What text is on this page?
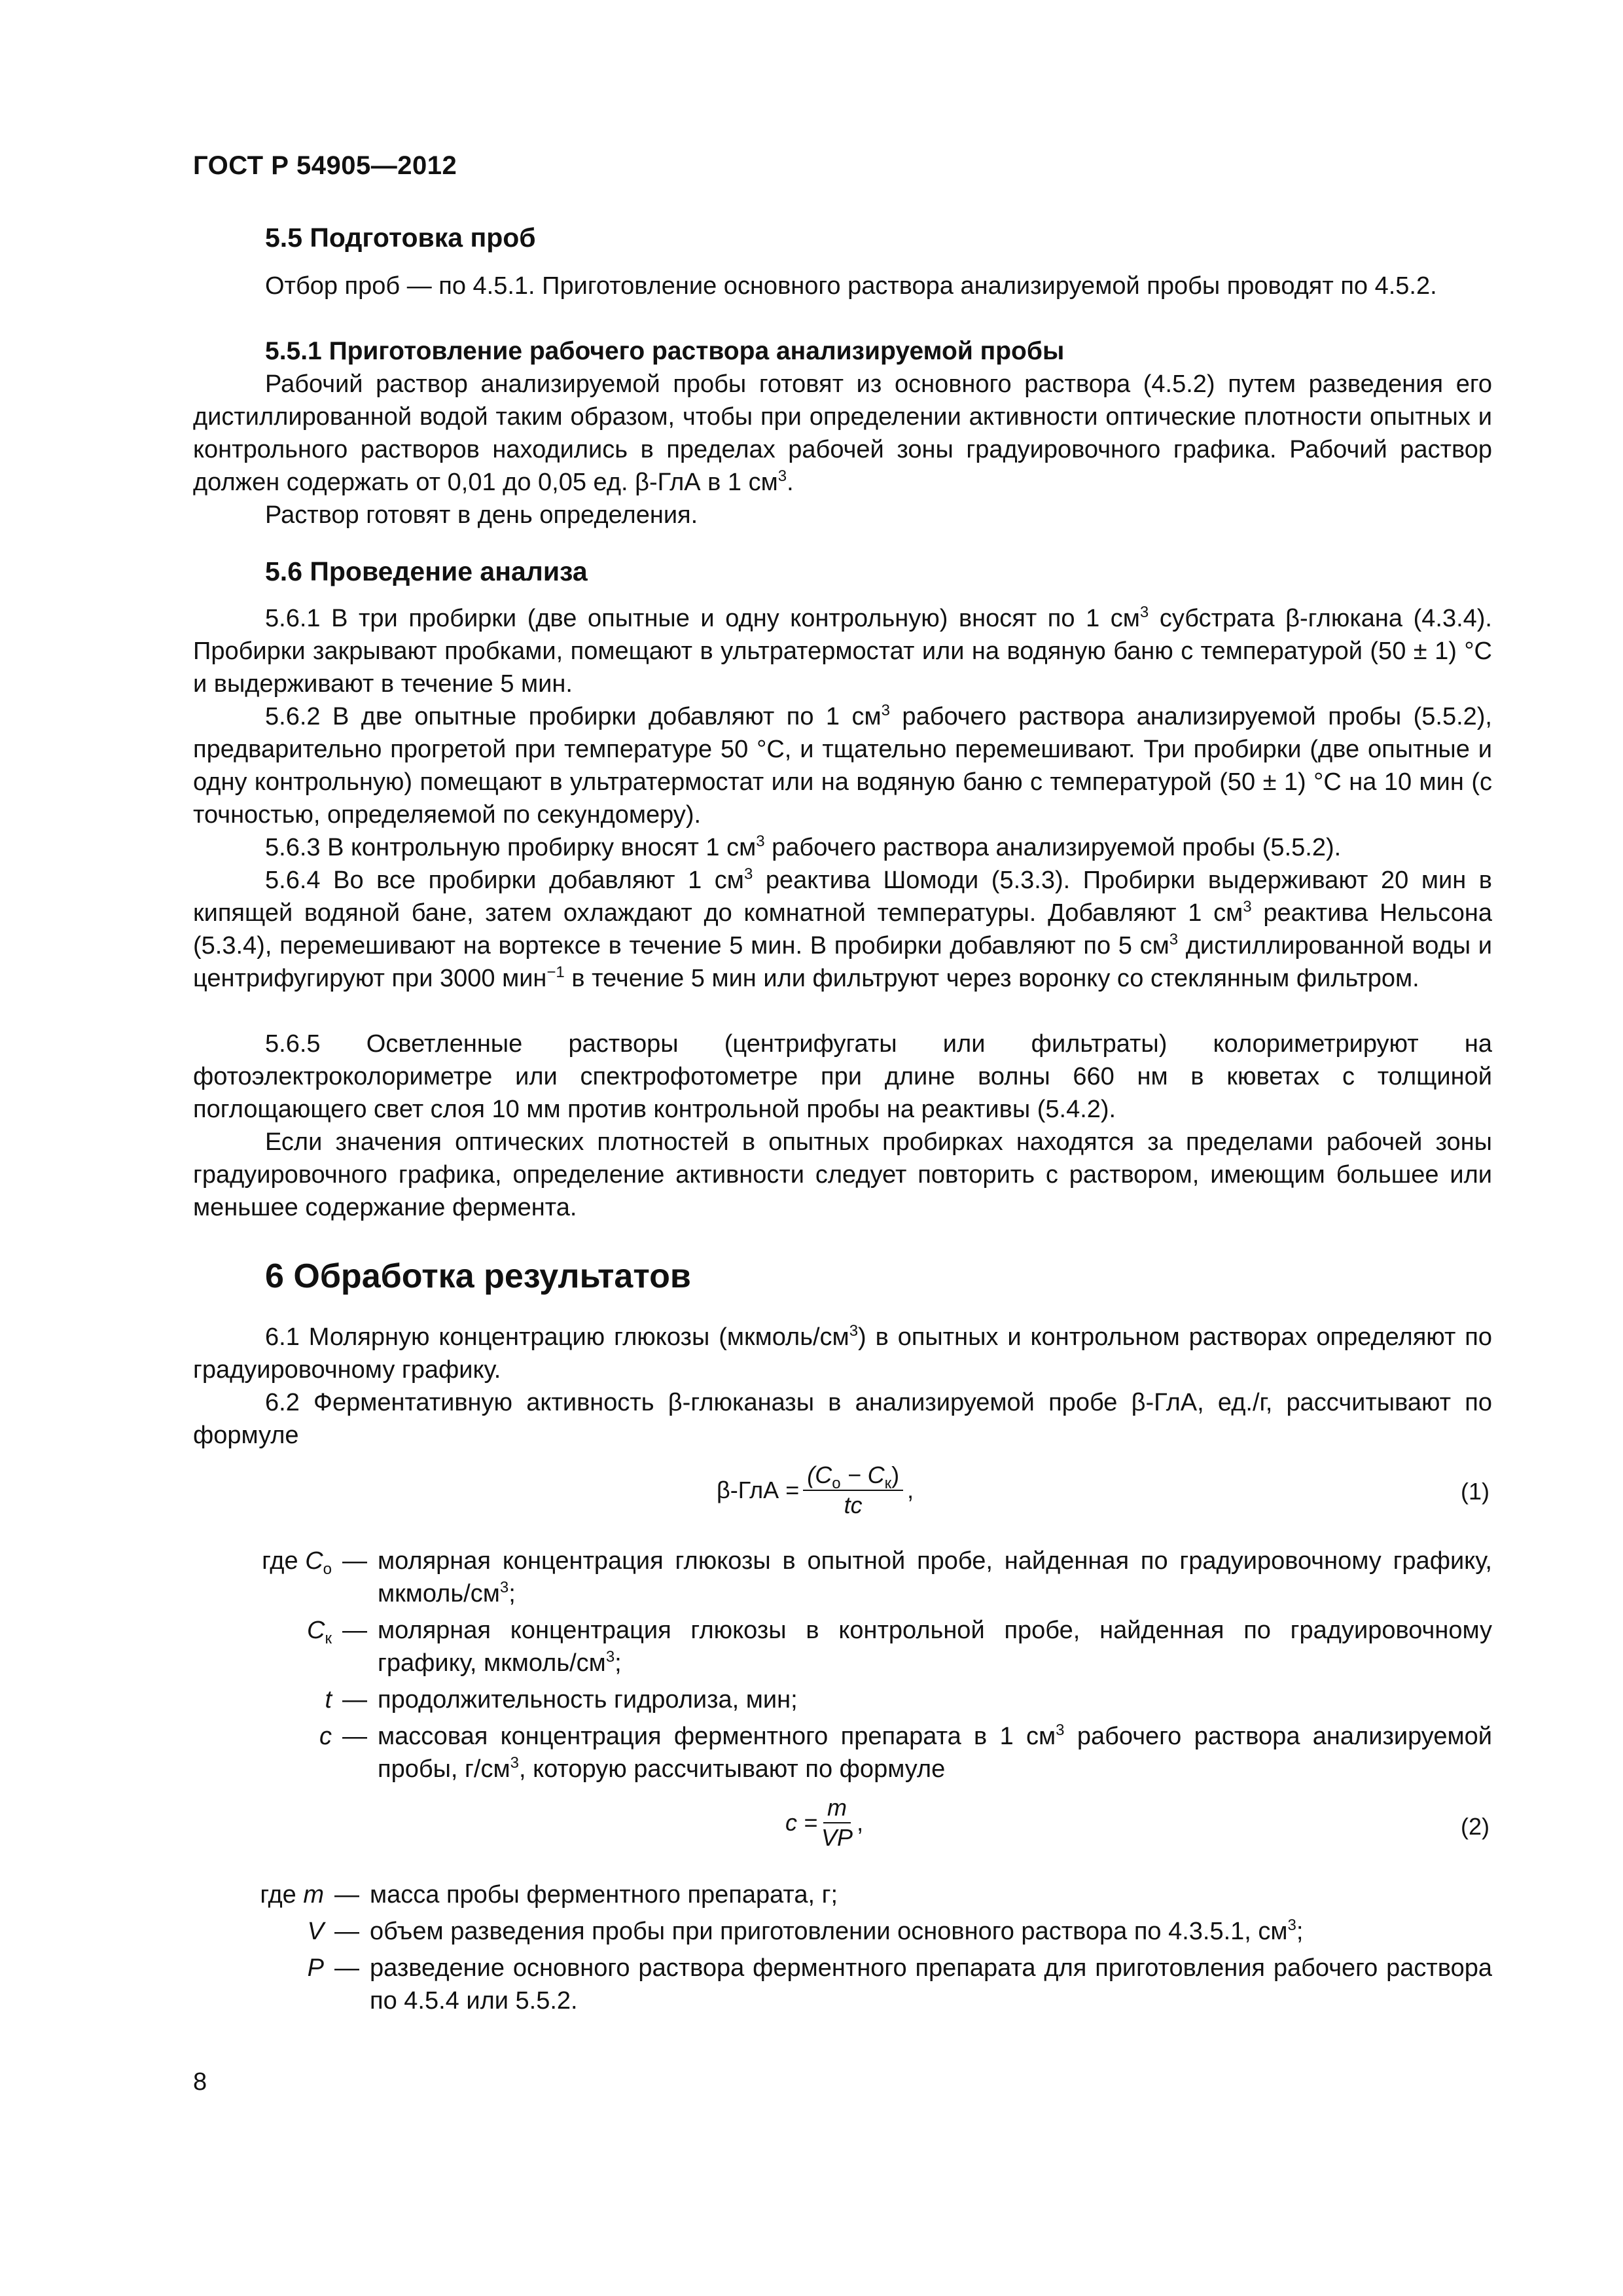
ГОСТ Р 54905—2012
5.5 Подготовка проб
Отбор проб — по 4.5.1. Приготовление основного раствора анализируемой пробы проводят по 4.5.2.
5.5.1 Приготовление рабочего раствора анализируемой пробы
Рабочий раствор анализируемой пробы готовят из основного раствора (4.5.2) путем разведения его дистиллированной водой таким образом, чтобы при определении активности оптические плотности опытных и контрольного растворов находились в пределах рабочей зоны градуировочного графика. Рабочий раствор должен содержать от 0,01 до 0,05 ед. β-ГлА в 1 $см^3$.
Раствор готовят в день определения.
5.6 Проведение анализа
5.6.1 В три пробирки (две опытные и одну контрольную) вносят по 1 $см^3$ субстрата β-глюкана (4.3.4). Пробирки закрывают пробками, помещают в ультратермостат или на водяную баню с температурой (50 ± 1) °С и выдерживают в течение 5 мин.
5.6.2 В две опытные пробирки добавляют по 1 $см^3$ рабочего раствора анализируемой пробы (5.5.2), предварительно прогретой при температуре 50 °С, и тщательно перемешивают. Три пробирки (две опытные и одну контрольную) помещают в ультратермостат или на водяную баню с температурой (50 ± 1) °С на 10 мин (с точностью, определяемой по секундомеру).
5.6.3 В контрольную пробирку вносят 1 $см^3$ рабочего раствора анализируемой пробы (5.5.2).
5.6.4 Во все пробирки добавляют 1 $см^3$ реактива Шомоди (5.3.3). Пробирки выдерживают 20 мин в кипящей водяной бане, затем охлаждают до комнатной температуры. Добавляют 1 $см^3$ реактива Нельсона (5.3.4), перемешивают на вортексе в течение 5 мин. В пробирки добавляют по 5 $см^3$ дистиллированной воды и центрифугируют при 3000 мин$^{-1}$ в течение 5 мин или фильтруют через воронку со стеклянным фильтром.
5.6.5 Осветленные растворы (центрифугаты или фильтраты) колориметрируют на фотоэлектроколориметре или спектрофотометре при длине волны 660 нм в кюветах с толщиной поглощающего свет слоя 10 мм против контрольной пробы на реактивы (5.4.2).
Если значения оптических плотностей в опытных пробирках находятся за пределами рабочей зоны градуировочного графика, определение активности следует повторить с раствором, имеющим большее или меньшее содержание фермента.
6 Обработка результатов
6.1 Молярную концентрацию глюкозы $(мкмоль/см^3)$ в опытных и контрольном растворах определяют по градуировочному графику.
6.2 Ферментативную активность β-глюканазы в анализируемой пробе β-ГлА, ед./г, рассчитывают по формуле
$\beta-ГлА = \frac{(C_о - C_к)}{tc}$ ,	(1)
где $C_о$ — молярная концентрация глюкозы в опытной пробе, найденная по градуировочному графику, мкмоль/$см^3$;
$C_к$ — молярная концентрация глюкозы в контрольной пробе, найденная по градуировочному графику, мкмоль/$см^3$;
t — продолжительность гидролиза, мин;
c — массовая концентрация ферментного препарата в 1 $см^3$ рабочего раствора анализируемой пробы, $г/см^3$, которую рассчитывают по формуле
$c = \frac{m}{VP}$ ,	(2)
где m — масса пробы ферментного препарата, г;
V — объем разведения пробы при приготовлении основного раствора по 4.3.5.1, $см^3$;
P — разведение основного раствора ферментного препарата для приготовления рабочего раствора по 4.5.4 или 5.5.2.
8
